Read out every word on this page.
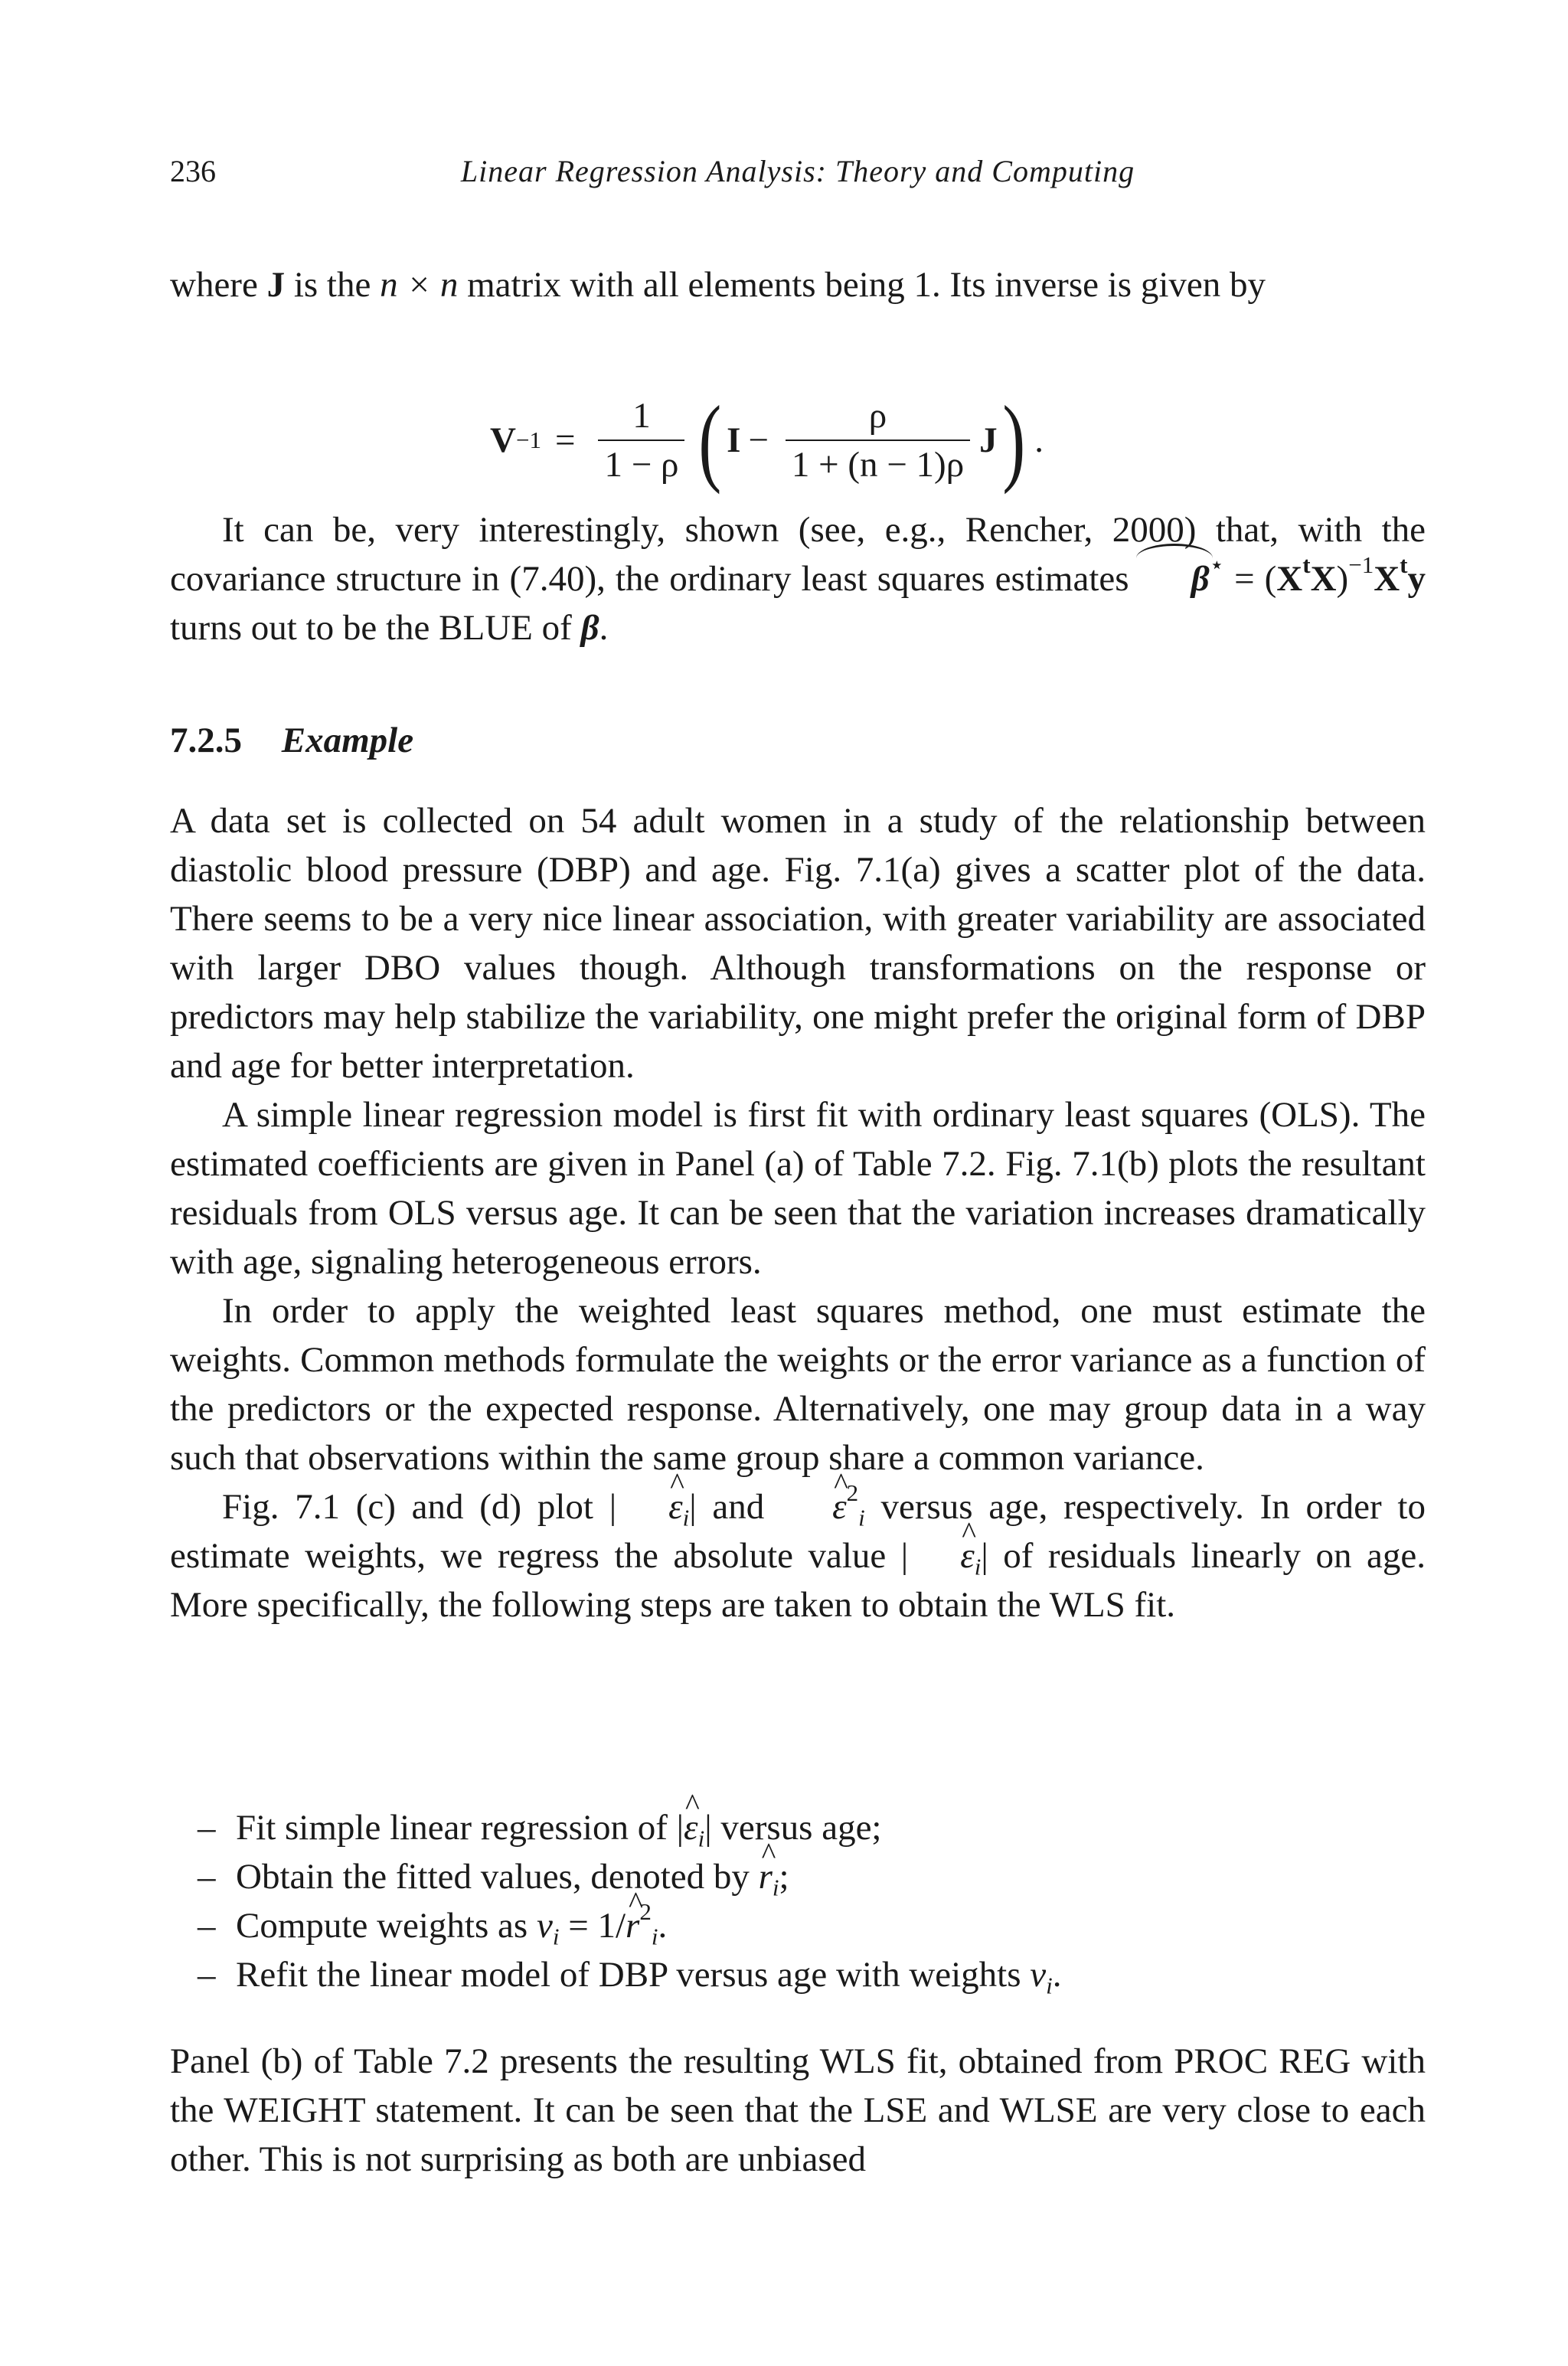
236	Linear Regression Analysis: Theory and Computing

where J is the n × n matrix with all elements being 1. Its inverse is given by

$V -1 = \frac{1}{1 - \rho}$ ( $I - \frac{\rho}{1 + (n - 1)\rho}$ J ) .

It can be, very interestingly, shown (see, e.g., Rencher, 2000) that, with the covariance structure in (7.40), the ordinary least squares estimates $\beta^⋆ = (X^tX)^{-1}X^ty$ turns out to be the BLUE of β.

7.2.5 Example

A data set is collected on 54 adult women in a study of the relationship between diastolic blood pressure (DBP) and age. Fig. 7.1(a) gives a scatter plot of the data. There seems to be a very nice linear association, with greater variability are associated with larger DBO values though. Although transformations on the response or predictors may help stabilize the variability, one might prefer the original form of DBP and age for better interpretation.

A simple linear regression model is first fit with ordinary least squares (OLS). The estimated coefficients are given in Panel (a) of Table 7.2. Fig. 7.1(b) plots the resultant residuals from OLS versus age. It can be seen that the variation increases dramatically with age, signaling heterogeneous errors.

In order to apply the weighted least squares method, one must estimate the weights. Common methods formulate the weights or the error variance as a function of the predictors or the expected response. Alternatively, one may group data in a way such that observations within the same group share a common variance.

Fig. 7.1 (c) and (d) plot | ^ $\varepsilon_i|$ and ^ $\varepsilon^2_i$ versus age, respectively. In order to estimate weights, we regress the absolute value | ^ $\varepsilon_i|$ of residuals linearly on age. More specifically, the following steps are taken to obtain the WLS fit.

– Fit simple linear regression of |^ $\varepsilon_i|$ versus age;
– Obtain the fitted values, denoted by ^ $r_i$;
– Compute weights as $v_i$ = 1/^ $r^2_i$.
– Refit the linear model of DBP versus age with weights $v_i$.

Panel (b) of Table 7.2 presents the resulting WLS fit, obtained from PROC REG with the WEIGHT statement. It can be seen that the LSE and WLSE are very close to each other. This is not surprising as both are unbiased
